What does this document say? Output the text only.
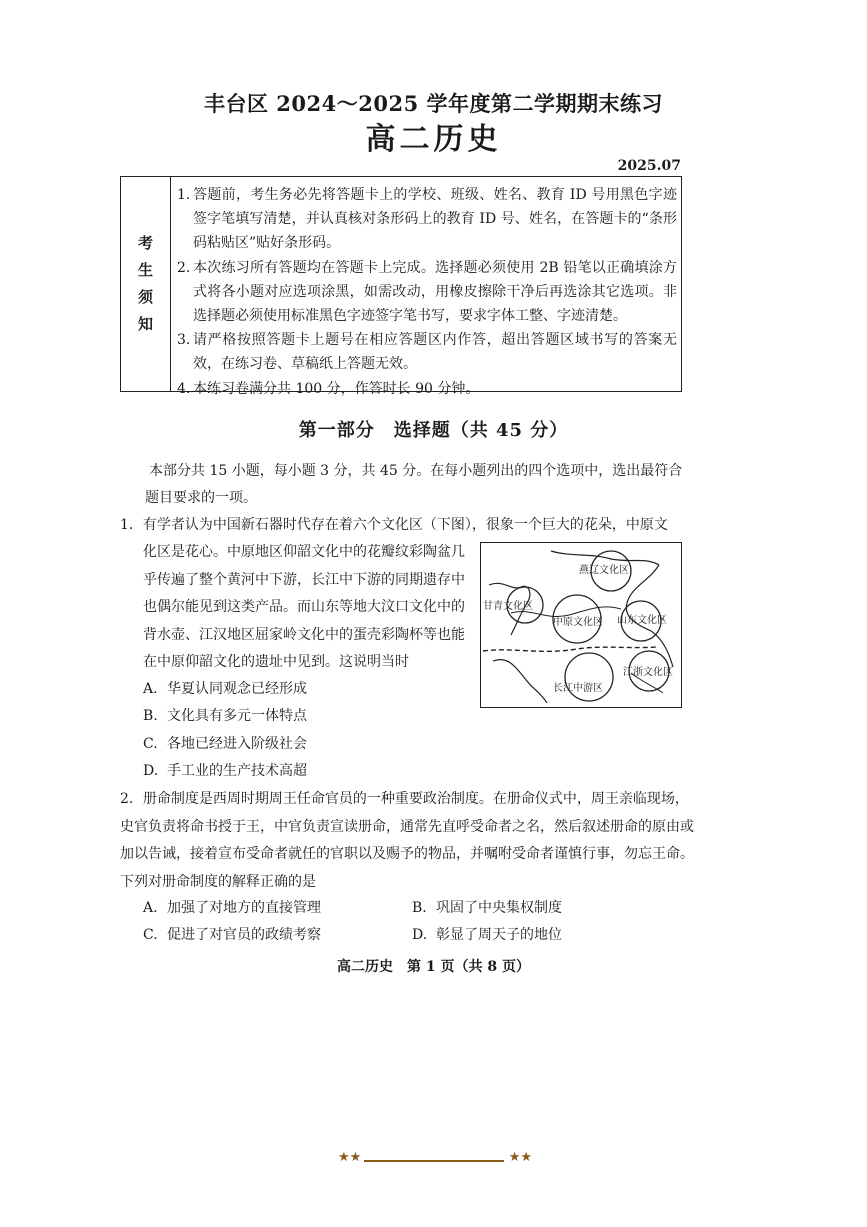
丰台区 2024～2025 学年度第二学期期末练习
高二历史
2025.07
考
生
须
知
1. 答题前，考生务必先将答题卡上的学校、班级、姓名、教育 ID 号用黑色字迹签字笔填写清楚，并认真核对条形码上的教育 ID 号、姓名，在答题卡的“条形码粘贴区”贴好条形码。
2. 本次练习所有答题均在答题卡上完成。选择题必须使用 2B 铅笔以正确填涂方式将各小题对应选项涂黑，如需改动，用橡皮擦除干净后再选涂其它选项。非选择题必须使用标准黑色字迹签字笔书写，要求字体工整、字迹清楚。
3. 请严格按照答题卡上题号在相应答题区内作答，超出答题区域书写的答案无效，在练习卷、草稿纸上答题无效。
4. 本练习卷满分共 100 分，作答时长 90 分钟。
第一部分　选择题（共 45 分）
本部分共 15 小题，每小题 3 分，共 45 分。在每小题列出的四个选项中，选出最符合题目要求的一项。
1．有学者认为中国新石器时代存在着六个文化区（下图），很象一个巨大的花朵，中原文
化区是花心。中原地区仰韶文化中的花瓣纹彩陶盆几乎传遍了整个黄河中下游，长江中下游的同期遗存中也偶尔能见到这类产品。而山东等地大汶口文化中的背水壶、江汉地区屈家岭文化中的蛋壳彩陶杯等也能在中原仰韶文化的遗址中见到。这说明当时
A. 华夏认同观念已经形成
B. 文化具有多元一体特点
C. 各地已经进入阶级社会
D. 手工业的生产技术高超
燕辽文化区
甘青文化区
中原文化区 山东文化区
长江中游区
江浙文化区
2．册命制度是西周时期周王任命官员的一种重要政治制度。在册命仪式中，周王亲临现场，史官负责将命书授于王，中官负责宣读册命，通常先直呼受命者之名，然后叙述册命的原由或加以告诫，接着宣布受命者就任的官职以及赐予的物品，并嘱咐受命者谨慎行事，勿忘王命。下列对册命制度的解释正确的是
A. 加强了对地方的直接管理	B. 巩固了中央集权制度
C. 促进了对官员的政绩考察	D. 彰显了周天子的地位
高二历史　第 1 页（共 8 页）
★★	★★
